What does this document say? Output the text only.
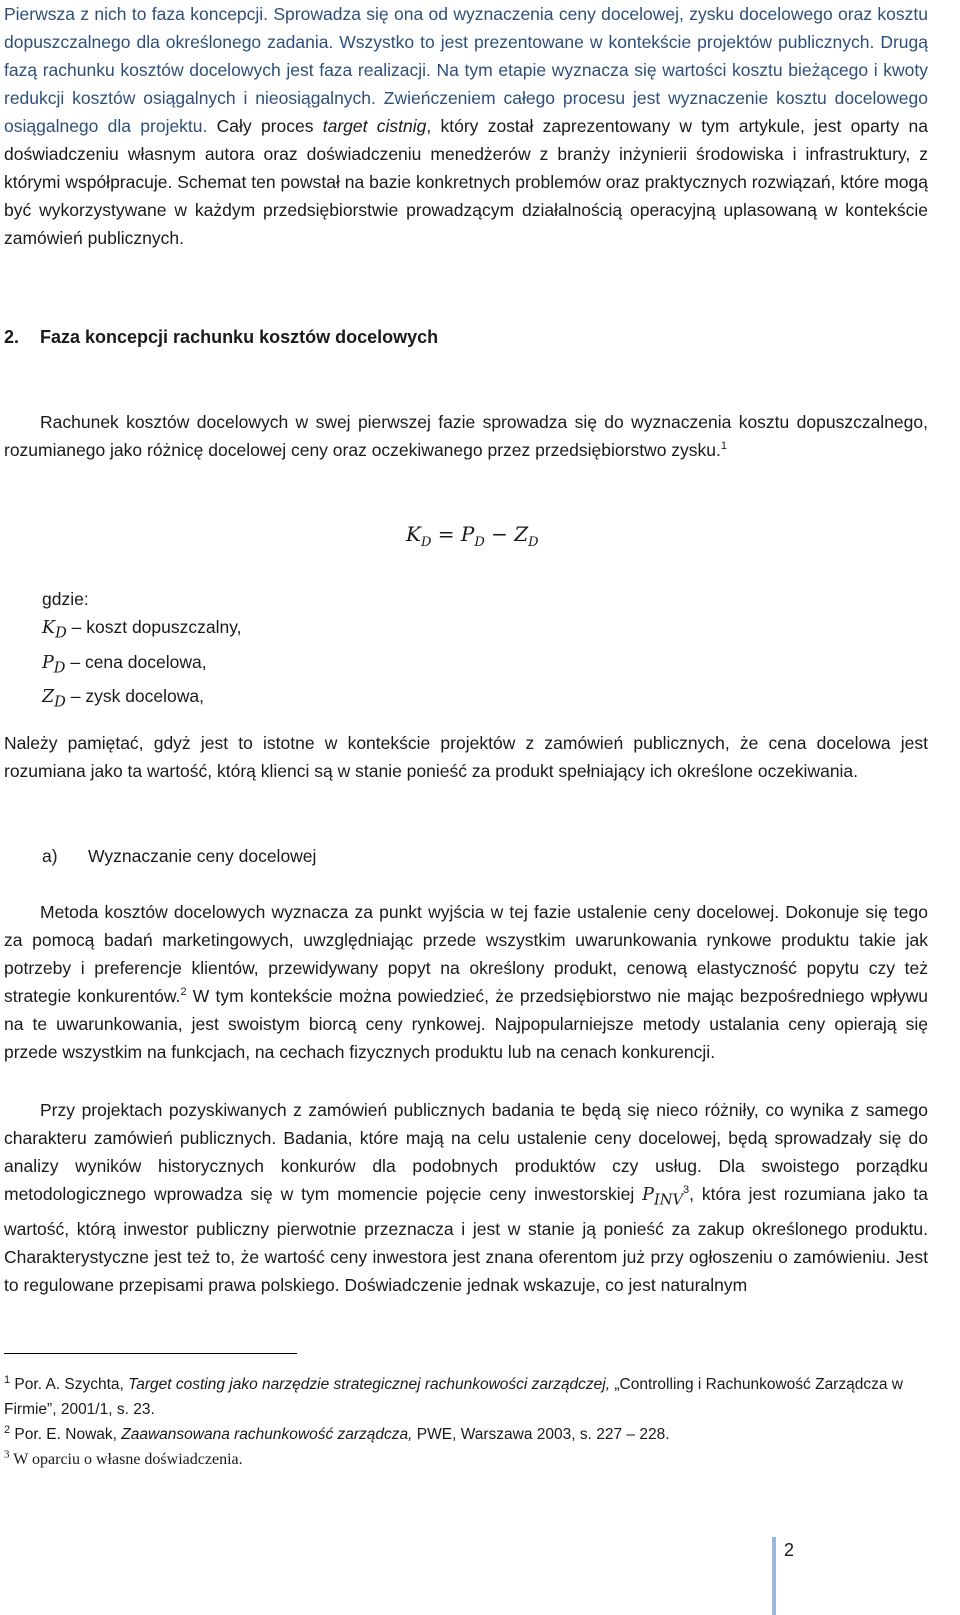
Pierwsza z nich to faza koncepcji. Sprowadza się ona od wyznaczenia ceny docelowej, zysku docelowego oraz kosztu dopuszczalnego dla określonego zadania. Wszystko to jest prezentowane w kontekście projektów publicznych. Drugą fazą rachunku kosztów docelowych jest faza realizacji. Na tym etapie wyznacza się wartości kosztu bieżącego i kwoty redukcji kosztów osiągalnych i nieosiągalnych. Zwieńczeniem całego procesu jest wyznaczenie kosztu docelowego osiągalnego dla projektu. Cały proces target cistnig, który został zaprezentowany w tym artykule, jest oparty na doświadczeniu własnym autora oraz doświadczeniu menedżerów z branży inżynierii środowiska i infrastruktury, z którymi współpracuje. Schemat ten powstał na bazie konkretnych problemów oraz praktycznych rozwiązań, które mogą być wykorzystywane w każdym przedsiębiorstwie prowadzącym działalnością operacyjną uplasowaną w kontekście zamówień publicznych.

2. Faza koncepcji rachunku kosztów docelowych

Rachunek kosztów docelowych w swej pierwszej fazie sprowadza się do wyznaczenia kosztu dopuszczalnego, rozumianego jako różnicę docelowej ceny oraz oczekiwanego przez przedsiębiorstwo zysku.$^1$

$K_D = P_D - Z_D$
gdzie:
$K_D$ – koszt dopuszczalny,
$P_D$ – cena docelowa,
$Z_D$ – zysk docelowa,

Należy pamiętać, gdyż jest to istotne w kontekście projektów z zamówień publicznych, że cena docelowa jest rozumiana jako ta wartość, którą klienci są w stanie ponieść za produkt spełniający ich określone oczekiwania.

a) Wyznaczanie ceny docelowej

Metoda kosztów docelowych wyznacza za punkt wyjścia w tej fazie ustalenie ceny docelowej. Dokonuje się tego za pomocą badań marketingowych, uwzględniając przede wszystkim uwarunkowania rynkowe produktu takie jak potrzeby i preferencje klientów, przewidywany popyt na określony produkt, cenową elastyczność popytu czy też strategie konkurentów.$^2$ W tym kontekście można powiedzieć, że przedsiębiorstwo nie mając bezpośredniego wpływu na te uwarunkowania, jest swoistym biorcą ceny rynkowej. Najpopularniejsze metody ustalania ceny opierają się przede wszystkim na funkcjach, na cechach fizycznych produktu lub na cenach konkurencji.

Przy projektach pozyskiwanych z zamówień publicznych badania te będą się nieco różniły, co wynika z samego charakteru zamówień publicznych. Badania, które mają na celu ustalenie ceny docelowej, będą sprowadzały się do analizy wyników historycznych konkurów dla podobnych produktów czy usług. Dla swoistego porządku metodologicznego wprowadza się w tym momencie pojęcie ceny inwestorskiej $P_{INV}^3$, która jest rozumiana jako ta wartość, którą inwestor publiczny pierwotnie przeznacza i jest w stanie ją ponieść za zakup określonego produktu. Charakterystyczne jest też to, że wartość ceny inwestora jest znana oferentom już przy ogłoszeniu o zamówieniu. Jest to regulowane przepisami prawa polskiego. Doświadczenie jednak wskazuje, co jest naturalnym

$^1$ Por. A. Szychta, Target costing jako narzędzie strategicznej rachunkowości zarządczej, „Controlling i Rachunkowość Zarządcza w Firmie”, 2001/1, s. 23.
$^2$ Por. E. Nowak, Zaawansowana rachunkowość zarządcza, PWE, Warszawa 2003, s. 227 – 228.
$^3$ W oparciu o własne doświadczenia.
2
